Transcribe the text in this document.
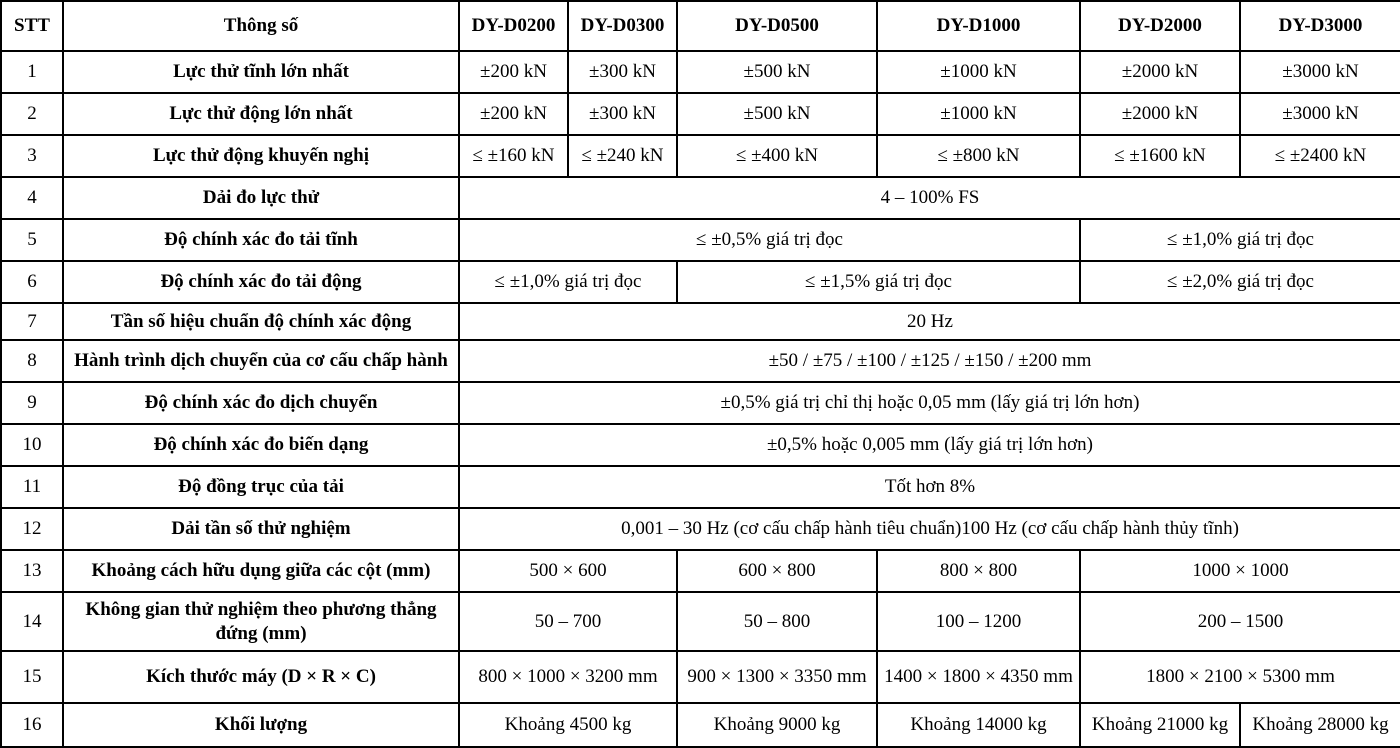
STT	Thông số	DY-D0200	DY-D0300	DY-D0500	DY-D1000	DY-D2000	DY-D3000
1	Lực thử tĩnh lớn nhất	±200 kN	±300 kN	±500 kN	±1000 kN	±2000 kN	±3000 kN
2	Lực thử động lớn nhất	±200 kN	±300 kN	±500 kN	±1000 kN	±2000 kN	±3000 kN
3	Lực thử động khuyến nghị	≤ ±160 kN	≤ ±240 kN	≤ ±400 kN	≤ ±800 kN	≤ ±1600 kN	≤ ±2400 kN
4	Dải đo lực thử	4 – 100% FS					
5	Độ chính xác đo tải tĩnh	≤ ±0,5% giá trị đọc				≤ ±1,0% giá trị đọc	
6	Độ chính xác đo tải động	≤ ±1,0% giá trị đọc		≤ ±1,5% giá trị đọc		≤ ±2,0% giá trị đọc	
7	Tần số hiệu chuẩn độ chính xác động	20 Hz					
8	Hành trình dịch chuyển của cơ cấu chấp hành	±50 / ±75 / ±100 / ±125 / ±150 / ±200 mm					
9	Độ chính xác đo dịch chuyển	±0,5% giá trị chỉ thị hoặc 0,05 mm (lấy giá trị lớn hơn)					
10	Độ chính xác đo biến dạng	±0,5% hoặc 0,005 mm (lấy giá trị lớn hơn)					
11	Độ đồng trục của tải	Tốt hơn 8%					
12	Dải tần số thử nghiệm	0,001 – 30 Hz (cơ cấu chấp hành tiêu chuẩn)100 Hz (cơ cấu chấp hành thủy tĩnh)					
13	Khoảng cách hữu dụng giữa các cột (mm)	500 × 600		600 × 800	800 × 800	1000 × 1000	
14	Không gian thử nghiệm theo phương thẳng đứng (mm)	50 – 700		50 – 800	100 – 1200	200 – 1500	
15	Kích thước máy (D × R × C)	800 × 1000 × 3200 mm		900 × 1300 × 3350 mm	1400 × 1800 × 4350 mm	1800 × 2100 × 5300 mm	
16	Khối lượng	Khoảng 4500 kg		Khoảng 9000 kg	Khoảng 14000 kg	Khoảng 21000 kg	Khoảng 28000 kg
